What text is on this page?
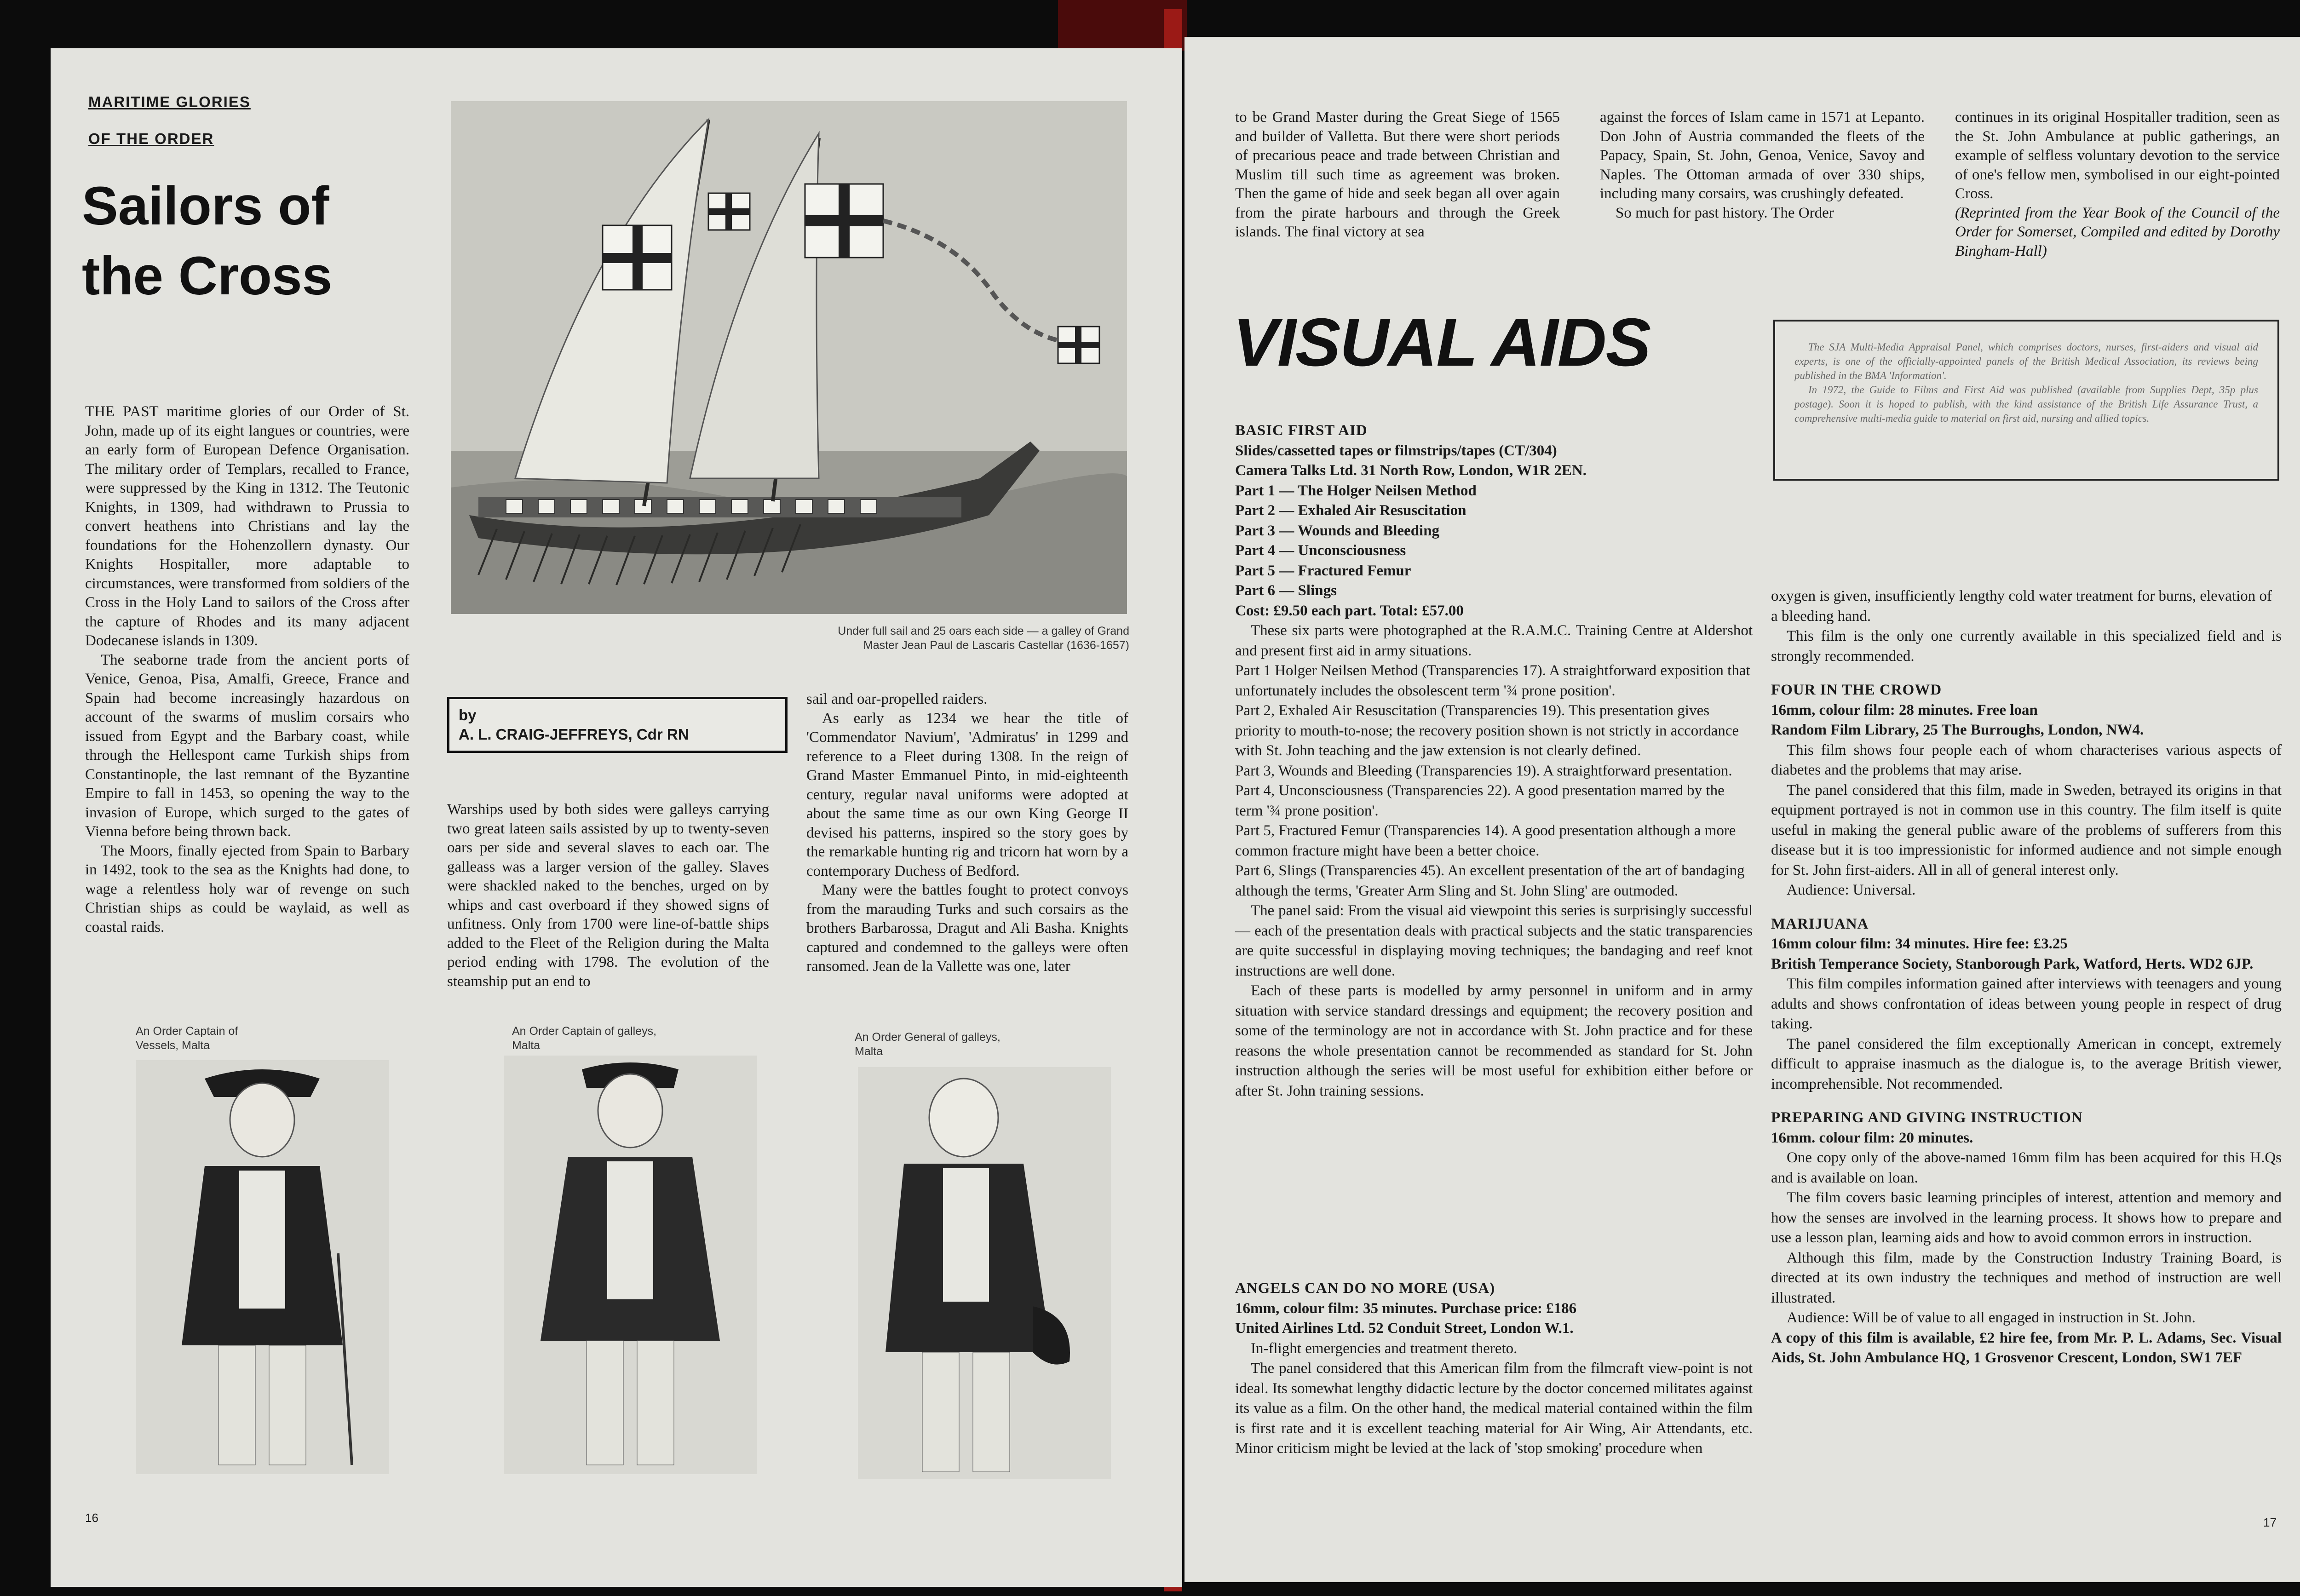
MARITIME GLORIES
OF THE ORDER
Sailors of
the Cross

THE PAST maritime glories of our Order of St. John, made up of its eight langues or countries, were an early form of European Defence Organisation. The military order of Templars, recalled to France, were suppressed by the King in 1312. The Teutonic Knights, in 1309, had withdrawn to Prussia to convert heathens into Christians and lay the foundations for the Hohenzollern dynasty. Our Knights Hospitaller, more adaptable to circumstances, were transformed from soldiers of the Cross in the Holy Land to sailors of the Cross after the capture of Rhodes and its many adjacent Dodecanese islands in 1309.

The seaborne trade from the ancient ports of Venice, Genoa, Pisa, Amalfi, Greece, France and Spain had become increasingly hazardous on account of the swarms of muslim corsairs who issued from Egypt and the Barbary coast, while through the Hellespont came Turkish ships from Constantinople, the last remnant of the Byzantine Empire to fall in 1453, so opening the way to the invasion of Europe, which surged to the gates of Vienna before being thrown back.

The Moors, finally ejected from Spain to Barbary in 1492, took to the sea as the Knights had done, to wage a relentless holy war of revenge on such Christian ships as could be waylaid, as well as coastal raids.

Under full sail and 25 oars each side — a galley of Grand Master Jean Paul de Lascaris Castellar (1636-1657)
by
A. L. CRAIG-JEFFREYS, Cdr RN

Warships used by both sides were galleys carrying two great lateen sails assisted by up to twenty-seven oars per side and several slaves to each oar. The galleass was a larger version of the galley. Slaves were shackled naked to the benches, urged on by whips and cast overboard if they showed signs of unfitness. Only from 1700 were line-of-battle ships added to the Fleet of the Religion during the Malta period ending with 1798. The evolution of the steamship put an end to

sail and oar-propelled raiders.

As early as 1234 we hear the title of 'Commendator Navium', 'Admiratus' in 1299 and reference to a Fleet during 1308. In the reign of Grand Master Emmanuel Pinto, in mid-eighteenth century, regular naval uniforms were adopted at about the same time as our own King George II devised his patterns, inspired so the story goes by the remarkable hunting rig and tricorn hat worn by a contemporary Duchess of Bedford.

Many were the battles fought to protect convoys from the marauding Turks and such corsairs as the brothers Barbarossa, Dragut and Ali Basha. Knights captured and condemned to the galleys were often ransomed. Jean de la Vallette was one, later

An Order Captain of Vessels, Malta
An Order Captain of galleys, Malta
An Order General of galleys, Malta
16

to be Grand Master during the Great Siege of 1565 and builder of Valletta. But there were short periods of precarious peace and trade between Christian and Muslim till such time as agreement was broken. Then the game of hide and seek began all over again from the pirate harbours and through the Greek islands. The final victory at sea

against the forces of Islam came in 1571 at Lepanto. Don John of Austria commanded the fleets of the Papacy, Spain, St. John, Genoa, Venice, Savoy and Naples. The Ottoman armada of over 330 ships, including many corsairs, was crushingly defeated.

So much for past history. The Order

continues in its original Hospitaller tradition, seen as the St. John Ambulance at public gatherings, an example of selfless voluntary devotion to the service of one's fellow men, symbolised in our eight-pointed Cross.

(Reprinted from the Year Book of the Council of the Order for Somerset, Compiled and edited by Dorothy Bingham-Hall)

VISUAL AIDS	The SJA Multi-Media Appraisal Panel, which comprises doctors, nurses, first-aiders and visual aid experts, is one of the officially-appointed panels of the British Medical Association, its reviews being published in the BMA 'Information'.

In 1972, the Guide to Films and First Aid was published (available from Supplies Dept, 35p plus postage). Soon it is hoped to publish, with the kind assistance of the British Life Assurance Trust, a comprehensive multi-media guide to material on first aid, nursing and allied topics.

BASIC FIRST AID

Slides/cassetted tapes or filmstrips/tapes (CT/304)

Camera Talks Ltd. 31 North Row, London, W1R 2EN.

Part 1 — The Holger Neilsen Method

Part 2 — Exhaled Air Resuscitation

Part 3 — Wounds and Bleeding

Part 4 — Unconsciousness

Part 5 — Fractured Femur

Part 6 — Slings

Cost: £9.50 each part. Total: £57.00

These six parts were photographed at the R.A.M.C. Training Centre at Aldershot and present first aid in army situations.

Part 1 Holger Neilsen Method (Transparencies 17). A straightforward exposition that unfortunately includes the obsolescent term '¾ prone position'.

Part 2, Exhaled Air Resuscitation (Transparencies 19). This presentation gives priority to mouth-to-nose; the recovery position shown is not strictly in accordance with St. John teaching and the jaw extension is not clearly defined.

Part 3, Wounds and Bleeding (Transparencies 19). A straightforward presentation.

Part 4, Unconsciousness (Transparencies 22). A good presentation marred by the term '¾ prone position'.

Part 5, Fractured Femur (Transparencies 14). A good presentation although a more common fracture might have been a better choice.

Part 6, Slings (Transparencies 45). An excellent presentation of the art of bandaging although the terms, 'Greater Arm Sling and St. John Sling' are outmoded.

The panel said: From the visual aid viewpoint this series is surprisingly successful — each of the presentation deals with practical subjects and the static transparencies are quite successful in displaying moving techniques; the bandaging and reef knot instructions are well done.

Each of these parts is modelled by army personnel in uniform and in army situation with service standard dressings and equipment; the recovery position and some of the terminology are not in accordance with St. John practice and for these reasons the whole presentation cannot be recommended as standard for St. John instruction although the series will be most useful for exhibition either before or after St. John training sessions.

ANGELS CAN DO NO MORE (USA)

16mm, colour film: 35 minutes. Purchase price: £186

United Airlines Ltd. 52 Conduit Street, London W.1.

In-flight emergencies and treatment thereto.

The panel considered that this American film from the filmcraft view-point is not ideal. Its somewhat lengthy didactic lecture by the doctor concerned militates against its value as a film. On the other hand, the medical material contained within the film is first rate and it is excellent teaching material for Air Wing, Air Attendants, etc. Minor criticism might be levied at the lack of 'stop smoking' procedure when

oxygen is given, insufficiently lengthy cold water treatment for burns, elevation of a bleeding hand.

This film is the only one currently available in this specialized field and is strongly recommended.

FOUR IN THE CROWD

16mm, colour film: 28 minutes. Free loan

Random Film Library, 25 The Burroughs, London, NW4.

This film shows four people each of whom characterises various aspects of diabetes and the problems that may arise.

The panel considered that this film, made in Sweden, betrayed its origins in that equipment portrayed is not in common use in this country. The film itself is quite useful in making the general public aware of the problems of sufferers from this disease but it is too impressionistic for informed audience and not simple enough for St. John first-aiders. All in all of general interest only.

Audience: Universal.

MARIJUANA

16mm colour film: 34 minutes. Hire fee: £3.25

British Temperance Society, Stanborough Park, Watford, Herts. WD2 6JP.

This film compiles information gained after interviews with teenagers and young adults and shows confrontation of ideas between young people in respect of drug taking.

The panel considered the film exceptionally American in concept, extremely difficult to appraise inasmuch as the dialogue is, to the average British viewer, incomprehensible. Not recommended.

PREPARING AND GIVING INSTRUCTION

16mm. colour film: 20 minutes.

One copy only of the above-named 16mm film has been acquired for this H.Qs and is available on loan.

The film covers basic learning principles of interest, attention and memory and how the senses are involved in the learning process. It shows how to prepare and use a lesson plan, learning aids and how to avoid common errors in instruction.

Although this film, made by the Construction Industry Training Board, is directed at its own industry the techniques and method of instruction are well illustrated.

Audience: Will be of value to all engaged in instruction in St. John.

A copy of this film is available, £2 hire fee, from Mr. P. L. Adams, Sec. Visual Aids, St. John Ambulance HQ, 1 Grosvenor Crescent, London, SW1 7EF

17
